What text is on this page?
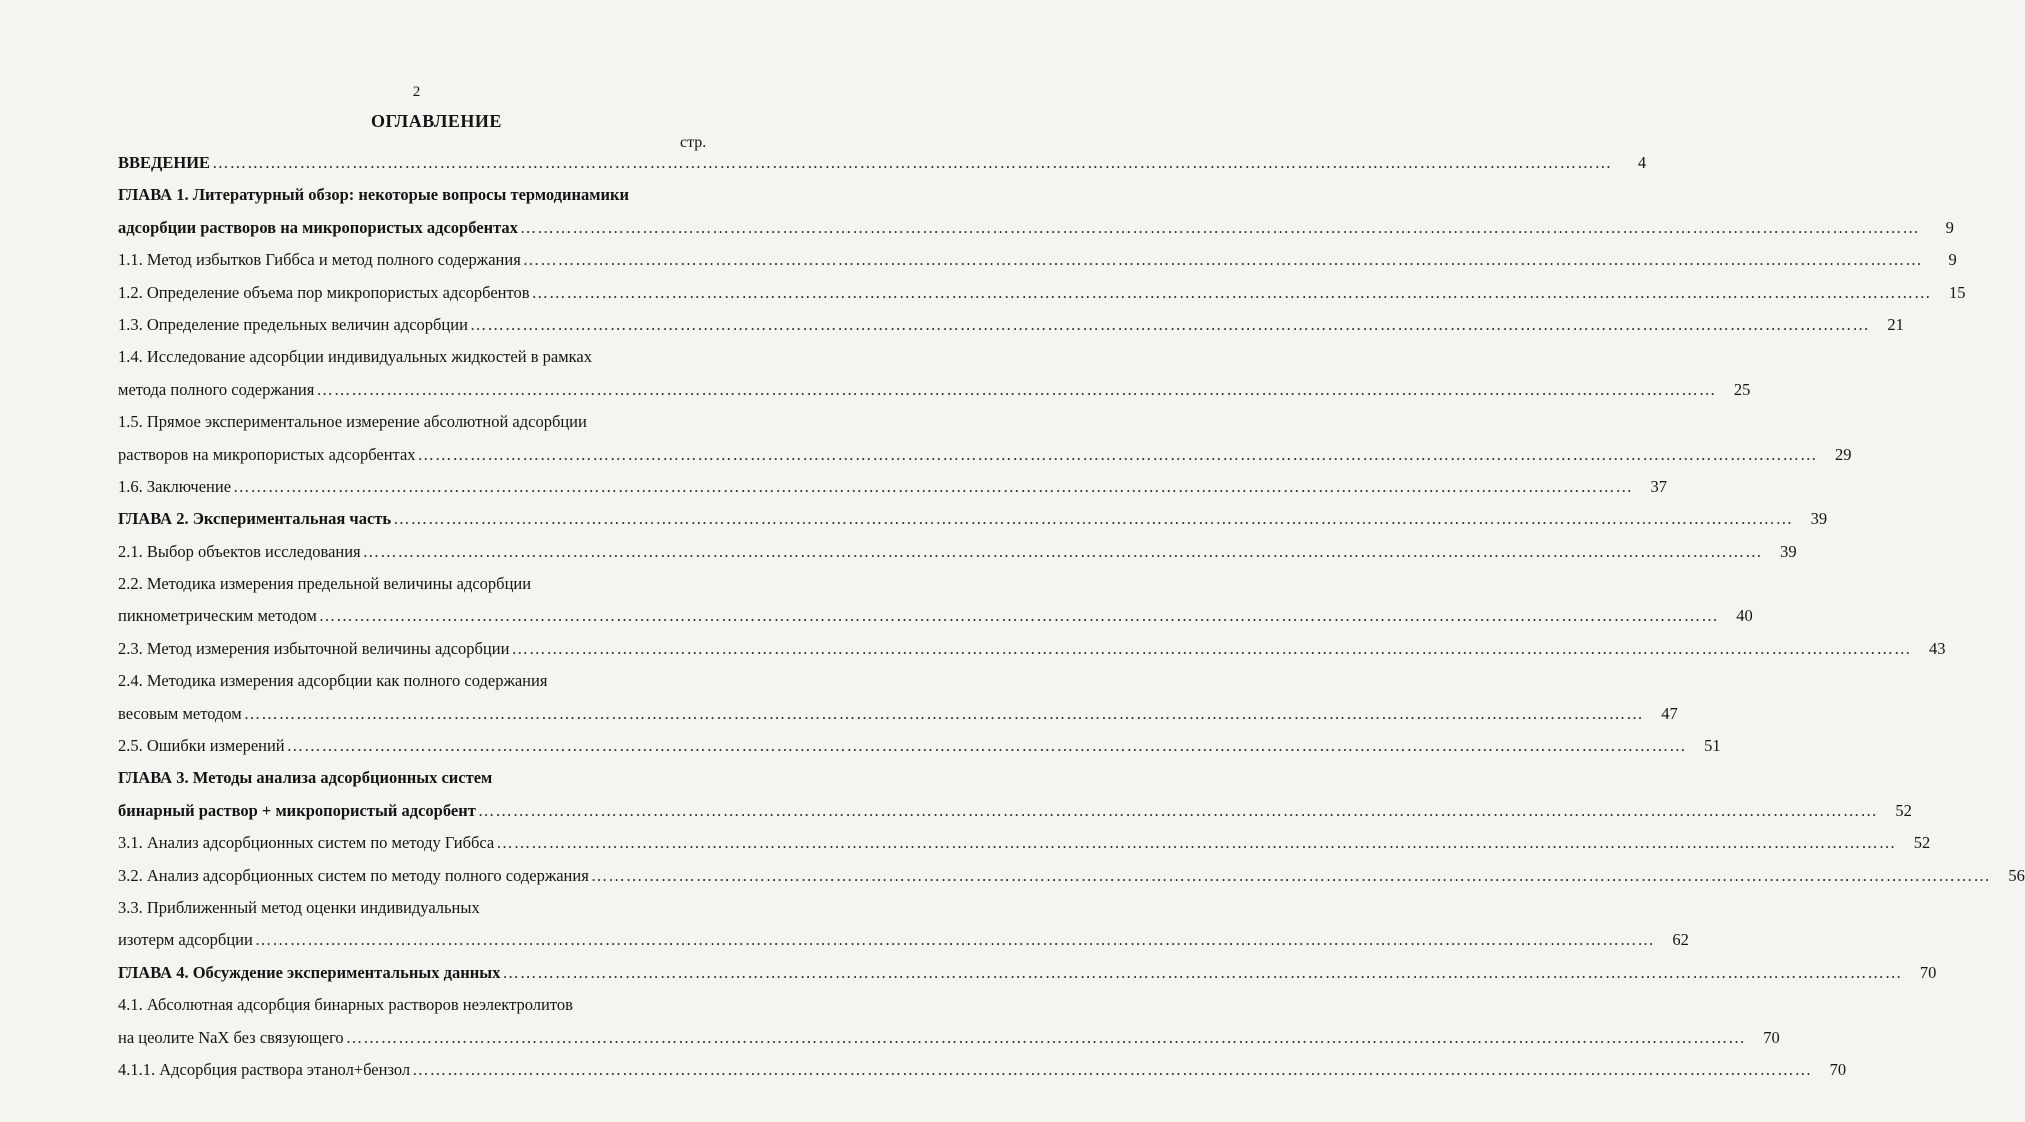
2
ОГЛАВЛЕНИЕ
стр.
ВВЕДЕНИЕ ……………………………………………………………………………………………………………………………………………………………………………………………………………………	4
ГЛАВА 1. Литературный обзор: некоторые вопросы термодинамики
адсорбции растворов на микропористых адсорбентах ……………………………………………………………………………………………………………………………………………………………………………………………………………………	9
1.1. Метод избытков Гиббса и метод полного содержания ……………………………………………………………………………………………………………………………………………………………………………………………………………………	9
1.2. Определение объема пор микропористых адсорбентов ……………………………………………………………………………………………………………………………………………………………………………………………………………………	15
1.3. Определение предельных величин адсорбции ……………………………………………………………………………………………………………………………………………………………………………………………………………………	21
1.4. Исследование адсорбции индивидуальных жидкостей в рамках
метода полного содержания ……………………………………………………………………………………………………………………………………………………………………………………………………………………	25
1.5. Прямое экспериментальное измерение абсолютной адсорбции
растворов на микропористых адсорбентах ……………………………………………………………………………………………………………………………………………………………………………………………………………………	29
1.6. Заключение ……………………………………………………………………………………………………………………………………………………………………………………………………………………	37
ГЛАВА 2. Экспериментальная часть ……………………………………………………………………………………………………………………………………………………………………………………………………………………	39
2.1. Выбор объектов исследования ……………………………………………………………………………………………………………………………………………………………………………………………………………………	39
2.2. Методика измерения предельной величины адсорбции
пикнометрическим методом ……………………………………………………………………………………………………………………………………………………………………………………………………………………	40
2.3. Метод измерения избыточной величины адсорбции ……………………………………………………………………………………………………………………………………………………………………………………………………………………	43
2.4. Методика измерения адсорбции как полного содержания
весовым методом ……………………………………………………………………………………………………………………………………………………………………………………………………………………	47
2.5. Ошибки измерений ……………………………………………………………………………………………………………………………………………………………………………………………………………………	51
ГЛАВА 3. Методы анализа адсорбционных систем
бинарный раствор + микропористый адсорбент ……………………………………………………………………………………………………………………………………………………………………………………………………………………	52
3.1. Анализ адсорбционных систем по методу Гиббса ……………………………………………………………………………………………………………………………………………………………………………………………………………………	52
3.2. Анализ адсорбционных систем по методу полного содержания ……………………………………………………………………………………………………………………………………………………………………………………………………………………	56
3.3. Приближенный метод оценки индивидуальных
изотерм адсорбции ……………………………………………………………………………………………………………………………………………………………………………………………………………………	62
ГЛАВА 4. Обсуждение экспериментальных данных ……………………………………………………………………………………………………………………………………………………………………………………………………………………	70
4.1. Абсолютная адсорбция бинарных растворов неэлектролитов
на цеолите NaX без связующего ……………………………………………………………………………………………………………………………………………………………………………………………………………………	70
4.1.1. Адсорбция раствора этанол+бензол ……………………………………………………………………………………………………………………………………………………………………………………………………………………	70
